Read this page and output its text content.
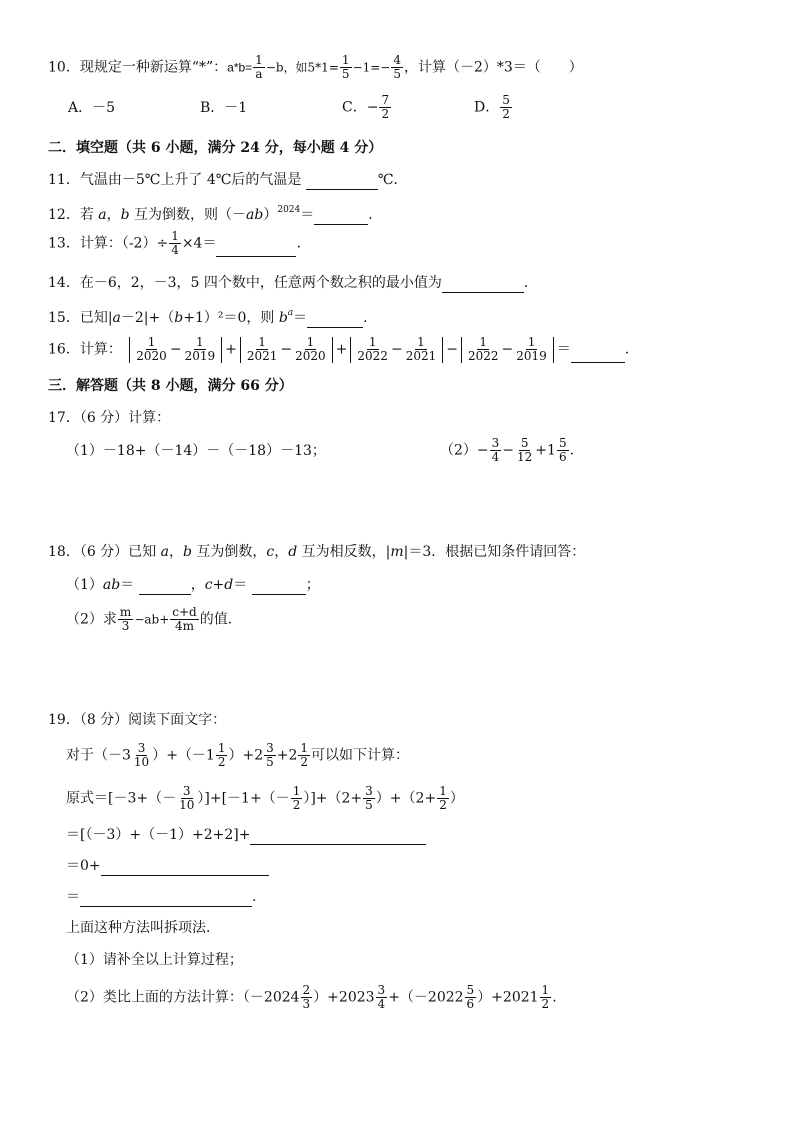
10．现规定一种新运算“*”：$a*b= \frac{1}{a} -b$，如$5*1= \frac{1}{5} -1=- \frac{4}{5}$ ，计算（－2）*3＝（　　）
A．－5	B．－1	C．− $\frac{7}{2}$	D． $\frac{5}{2}$
二．填空题（共 6 小题，满分 24 分，每小题 4 分）
11．气温由－5℃上升了 4℃后的气温是	℃．
12．若 a，b 互为倒数，则$(-ab)^{2024}=$	.
13．计算：$(-2)\div \frac{1}{4} \times 4=$	.
14．在－6，2，－3，5 四个数中，任意两个数之积的最小值为	.
15．已知|a－2|+（b+1）²＝0，则 $b^a=$	.
16．计算： $\frac{1}{2020} - \frac{1}{2019} + \frac{1}{2021} - \frac{1}{2020} + \frac{1}{2022} - \frac{1}{2021} - \frac{1}{2022} - \frac{1}{2019}$ ＝	.
三．解答题（共 8 小题，满分 66 分）
17．（6 分）计算：
（1）－18+（－14）－（－18）－13；	$(2)- \frac{3}{4} - \frac{5}{12} +1 \frac{5}{6}$ .
18．（6 分）已知 a，b 互为倒数，c，d 互为相反数，|m|＝3．根据已知条件请回答：
（1）ab＝	，c+d＝	；
（2）求 $\frac{m}{3} -ab+ \frac{c+d}{4m}$ 的值.
19．（8 分）阅读下面文字：
对于$(-3 \frac{3}{10} )+(-1 \frac{1}{2} )+2 \frac{3}{5} +2 \frac{1}{2}$ 可以如下计算：
原式$=[-3+(- \frac{3}{10} )]+[-1+(- \frac{1}{2} )]+(2+ \frac{3}{5} )+(2+ \frac{1}{2}$ ）
＝[（－3）+（－1）+2+2]+
＝0+
＝	.
上面这种方法叫拆项法．
（1）请补全以上计算过程；
（2）类比上面的方法计算：$(-2024 \frac{2}{3} )+2023 \frac{3}{4} +(-2022 \frac{5}{6} )+2021 \frac{1}{2}$ .
